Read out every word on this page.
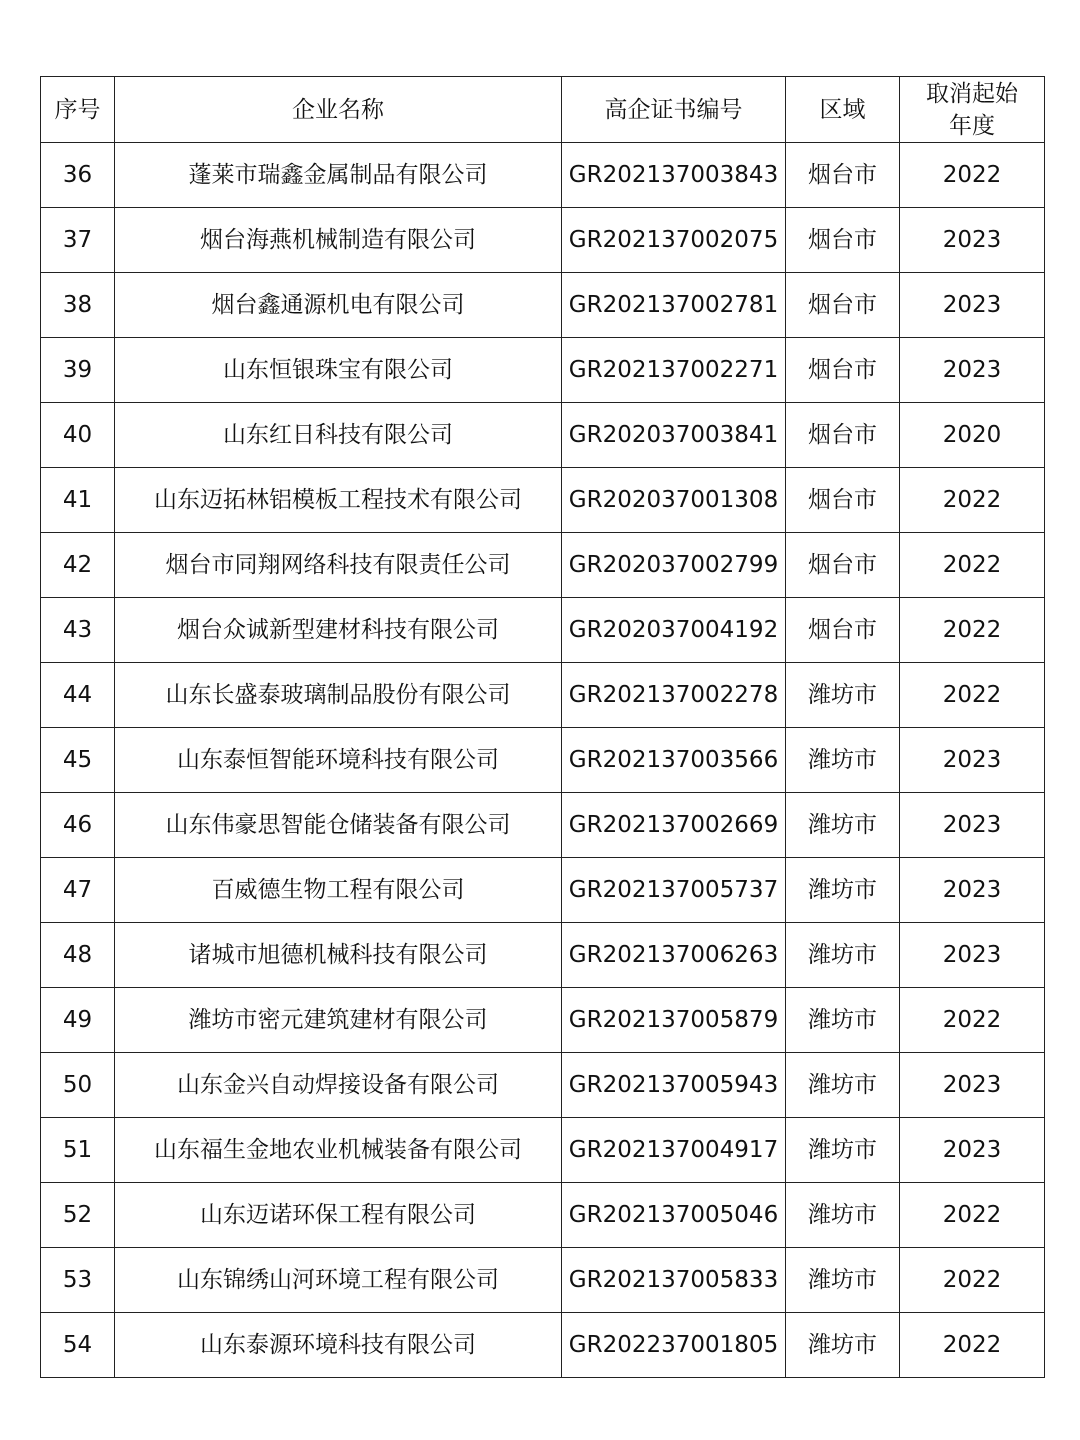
序号	企业名称	高企证书编号	区域	取消起始年度
36	蓬莱市瑞鑫金属制品有限公司	GR202137003843	烟台市	2022
37	烟台海燕机械制造有限公司	GR202137002075	烟台市	2023
38	烟台鑫通源机电有限公司	GR202137002781	烟台市	2023
39	山东恒银珠宝有限公司	GR202137002271	烟台市	2023
40	山东红日科技有限公司	GR202037003841	烟台市	2020
41	山东迈拓林铝模板工程技术有限公司	GR202037001308	烟台市	2022
42	烟台市同翔网络科技有限责任公司	GR202037002799	烟台市	2022
43	烟台众诚新型建材科技有限公司	GR202037004192	烟台市	2022
44	山东长盛泰玻璃制品股份有限公司	GR202137002278	潍坊市	2022
45	山东泰恒智能环境科技有限公司	GR202137003566	潍坊市	2023
46	山东伟豪思智能仓储装备有限公司	GR202137002669	潍坊市	2023
47	百威德生物工程有限公司	GR202137005737	潍坊市	2023
48	诸城市旭德机械科技有限公司	GR202137006263	潍坊市	2023
49	潍坊市密元建筑建材有限公司	GR202137005879	潍坊市	2022
50	山东金兴自动焊接设备有限公司	GR202137005943	潍坊市	2023
51	山东福生金地农业机械装备有限公司	GR202137004917	潍坊市	2023
52	山东迈诺环保工程有限公司	GR202137005046	潍坊市	2022
53	山东锦绣山河环境工程有限公司	GR202137005833	潍坊市	2022
54	山东泰源环境科技有限公司	GR202237001805	潍坊市	2022
